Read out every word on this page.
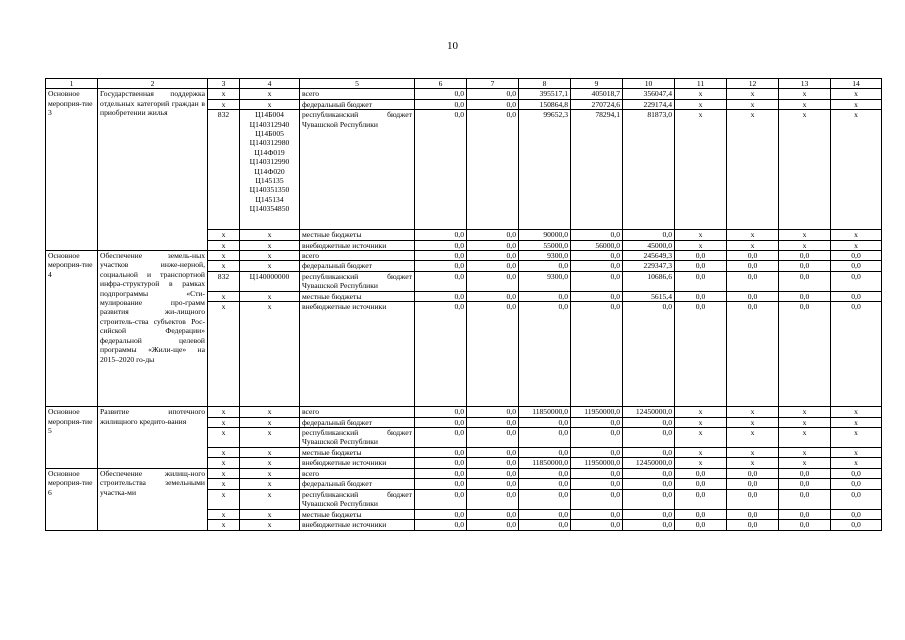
10
1	2	3	4	5	6	7	8	9	10	11	12	13	14
Основное мероприя-тие 3	Государственная поддержка отдельных категорий граждан в приобретении жилья	x	x	всего	0,0	0,0	395517,1	405018,7	356047,4	x	x	x	x
		x	x	федеральный бюджет	0,0	0,0	150864,8	270724,6	229174,4	x	x	x	x
		832	Ц14Б004 Ц140312940 Ц14Б005 Ц140312980 Ц14Ф019 Ц140312990 Ц14Ф020 Ц145135 Ц140351350 Ц145134 Ц140354850	республиканский бюджет Чувашской Республики	0,0	0,0	99652,3	78294,1	81873,0	x	x	x	x
		x	x	местные бюджеты	0,0	0,0	90000,0	0,0	0,0	x	x	x	x
		x	x	внебюджетные источники	0,0	0,0	55000,0	56000,0	45000,0	x	x	x	x
Основное мероприя-тие 4	Обеспечение земель-ных участков инже-нерной, социальной и транспортной инфра-структурой в рамках подпрограммы «Сти-мулирование про-грамм развития жи-лищного строитель-ства субъектов Рос-сийской Федерации» федеральной целевой программы «Жили-ще» на 2015–2020 го-ды	x	x	всего	0,0	0,0	9300,0	0,0	245649,3	0,0	0,0	0,0	0,0
		x	x	федеральный бюджет	0,0	0,0	0,0	0,0	229347,3	0,0	0,0	0,0	0,0
		832	Ц140000000	республиканский бюджет Чувашской Республики	0,0	0,0	9300,0	0,0	10686,6	0,0	0,0	0,0	0,0
		x	x	местные бюджеты	0,0	0,0	0,0	0,0	5615,4	0,0	0,0	0,0	0,0
		x	x	внебюджетные источники	0,0	0,0	0,0	0,0	0,0	0,0	0,0	0,0	0,0
Основное мероприя-тие 5	Развитие ипотечного жилищного кредито-вания	x	x	всего	0,0	0,0	11850000,0	11950000,0	12450000,0	x	x	x	x
		x	x	федеральный бюджет	0,0	0,0	0,0	0,0	0,0	x	x	x	x
		x	x	республиканский бюджет Чувашской Республики	0,0	0,0	0,0	0,0	0,0	x	x	x	x
		x	x	местные бюджеты	0,0	0,0	0,0	0,0	0,0	x	x	x	x
		x	x	внебюджетные источники	0,0	0,0	11850000,0	11950000,0	12450000,0	x	x	x	x
Основное мероприя-тие 6	Обеспечение жилищ-ного строительства земельными участка-ми	x	x	всего	0,0	0,0	0,0	0,0	0,0	0,0	0,0	0,0	0,0
		x	x	федеральный бюджет	0,0	0,0	0,0	0,0	0,0	0,0	0,0	0,0	0,0
		x	x	республиканский бюджет Чувашской Республики	0,0	0,0	0,0	0,0	0,0	0,0	0,0	0,0	0,0
		x	x	местные бюджеты	0,0	0,0	0,0	0,0	0,0	0,0	0,0	0,0	0,0
		x	x	внебюджетные источники	0,0	0,0	0,0	0,0	0,0	0,0	0,0	0,0	0,0
